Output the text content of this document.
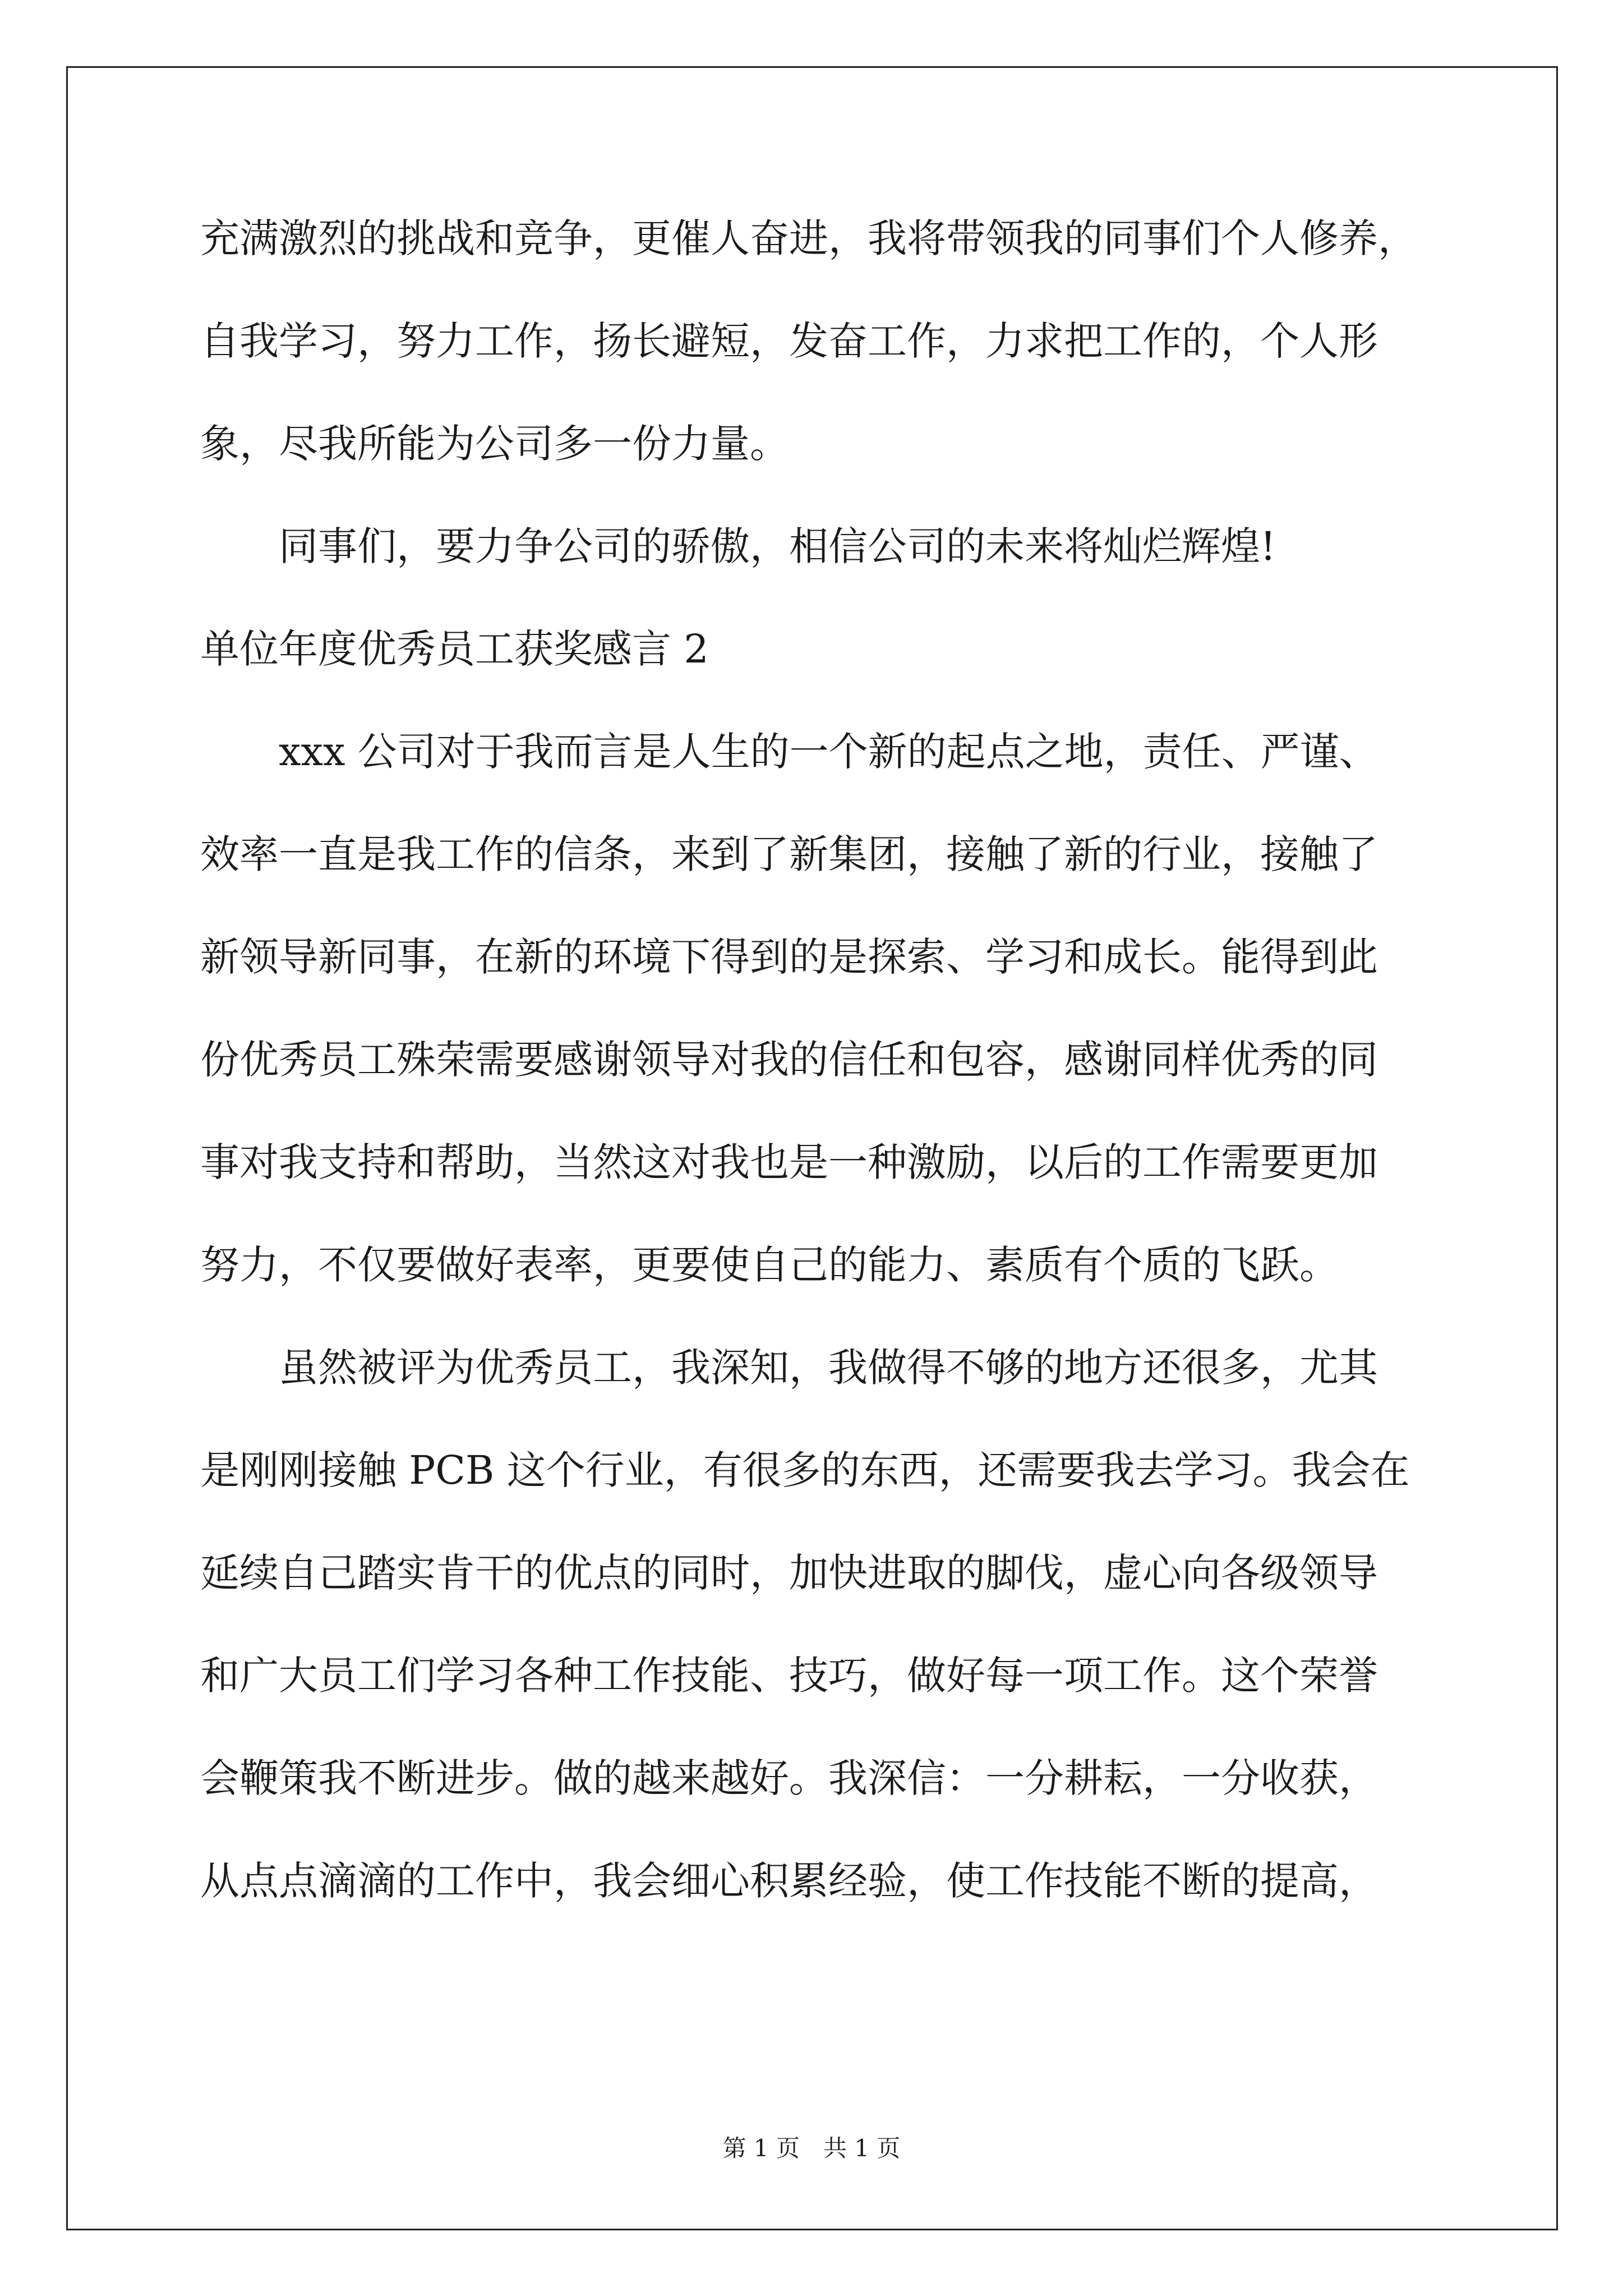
充满激烈的挑战和竞争，更催人奋进，我将带领我的同事们个人修养，
自我学习，努力工作，扬长避短，发奋工作，力求把工作的，个人形
象，尽我所能为公司多一份力量。
同事们，要力争公司的骄傲，相信公司的未来将灿烂辉煌!
单位年度优秀员工获奖感言 2
xxx 公司对于我而言是人生的一个新的起点之地，责任、严谨、
效率一直是我工作的信条，来到了新集团，接触了新的行业，接触了
新领导新同事，在新的环境下得到的是探索、学习和成长。能得到此
份优秀员工殊荣需要感谢领导对我的信任和包容，感谢同样优秀的同
事对我支持和帮助，当然这对我也是一种激励，以后的工作需要更加
努力，不仅要做好表率，更要使自己的能力、素质有个质的飞跃。
虽然被评为优秀员工，我深知，我做得不够的地方还很多，尤其
是刚刚接触 PCB 这个行业，有很多的东西，还需要我去学习。我会在
延续自己踏实肯干的优点的同时，加快进取的脚伐，虚心向各级领导
和广大员工们学习各种工作技能、技巧，做好每一项工作。这个荣誉
会鞭策我不断进步。做的越来越好。我深信：一分耕耘，一分收获，
从点点滴滴的工作中，我会细心积累经验，使工作技能不断的提高，
第 1 页　共 1 页
